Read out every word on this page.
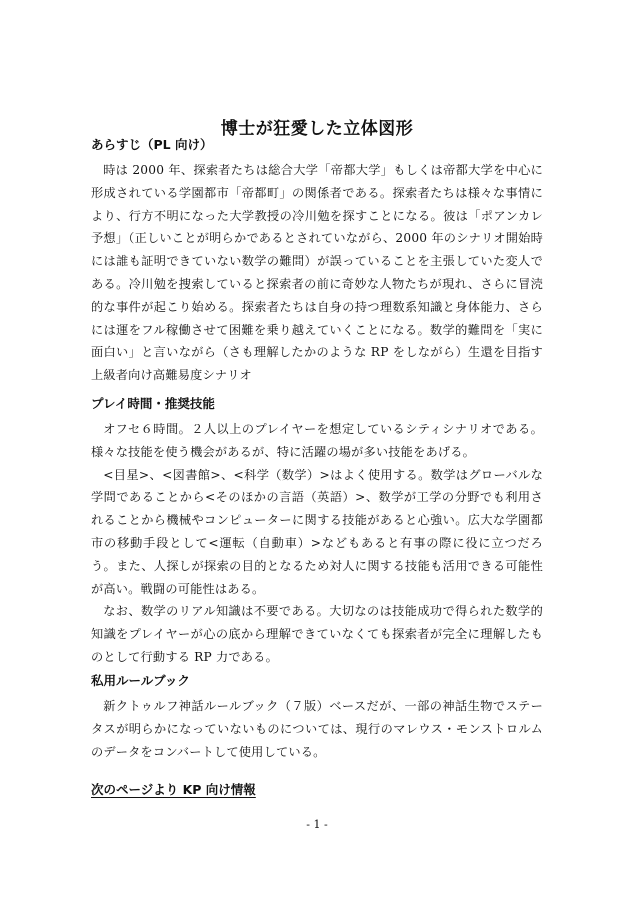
博士が狂愛した立体図形
あらすじ（PL 向け）

時は 2000 年、探索者たちは総合大学「帝都大学」もしくは帝都大学を中心に形成されている学園都市「帝都町」の関係者である。探索者たちは様々な事情により、行方不明になった大学教授の冷川勉を探すことになる。彼は「ポアンカレ予想」（正しいことが明らかであるとされていながら、2000 年のシナリオ開始時には誰も証明できていない数学の難問）が誤っていることを主張していた変人である。冷川勉を捜索していると探索者の前に奇妙な人物たちが現れ、さらに冒涜的な事件が起こり始める。探索者たちは自身の持つ理数系知識と身体能力、さらには運をフル稼働させて困難を乗り越えていくことになる。数学的難問を「実に面白い」と言いながら（さも理解したかのような RP をしながら）生還を目指す上級者向け高難易度シナリオ

プレイ時間・推奨技能

オフセ６時間。２人以上のプレイヤーを想定しているシティシナリオである。様々な技能を使う機会があるが、特に活躍の場が多い技能をあげる。

<目星>、<図書館>、<科学（数学）>はよく使用する。数学はグローバルな学問であることから<そのほかの言語（英語）>、数学が工学の分野でも利用されることから機械やコンピューターに関する技能があると心強い。広大な学園都市の移動手段として<運転（自動車）>などもあると有事の際に役に立つだろう。また、人探しが探索の目的となるため対人に関する技能も活用できる可能性が高い。戦闘の可能性はある。

なお、数学のリアル知識は不要である。大切なのは技能成功で得られた数学的知識をプレイヤーが心の底から理解できていなくても探索者が完全に理解したものとして行動する RP 力である。

私用ルールブック

新クトゥルフ神話ルールブック（７版）ベースだが、一部の神話生物でステータスが明らかになっていないものについては、現行のマレウス・モンストロルムのデータをコンバートして使用している。

次のページより KP 向け情報
- 1 -
